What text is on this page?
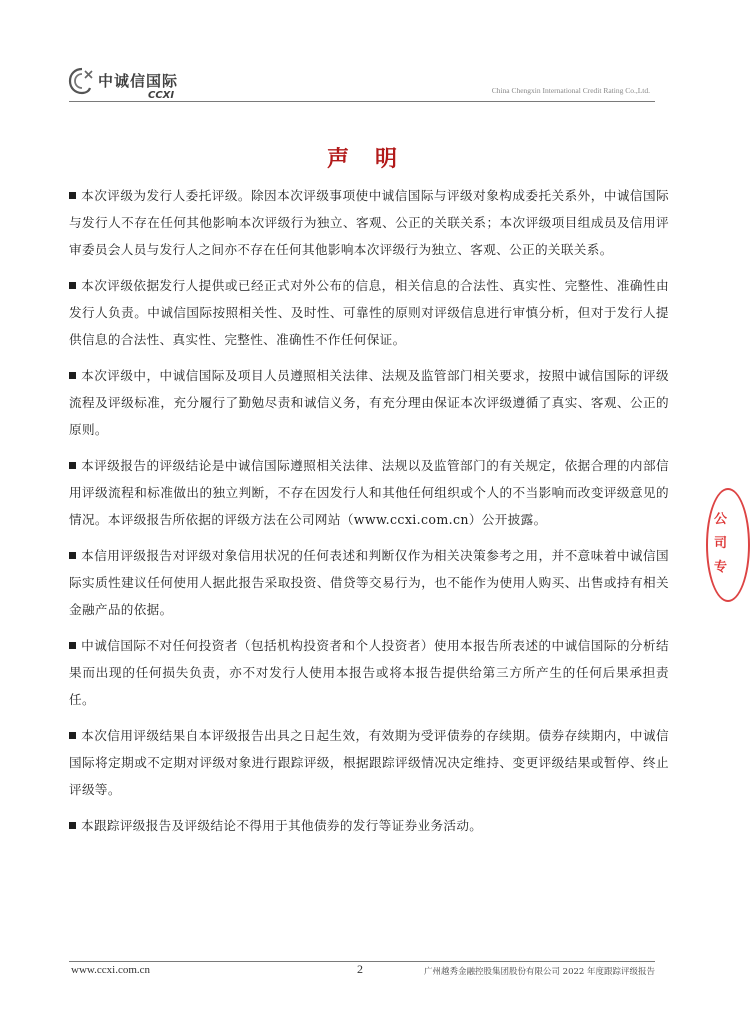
中诚信国际
CCXI	China Chengxin International Credit Rating Co.,Ltd.
声明

本次评级为发行人委托评级。除因本次评级事项使中诚信国际与评级对象构成委托关系外，中诚信国际与发行人不存在任何其他影响本次评级行为独立、客观、公正的关联关系；本次评级项目组成员及信用评审委员会人员与发行人之间亦不存在任何其他影响本次评级行为独立、客观、公正的关联关系。

本次评级依据发行人提供或已经正式对外公布的信息，相关信息的合法性、真实性、完整性、准确性由发行人负责。中诚信国际按照相关性、及时性、可靠性的原则对评级信息进行审慎分析，但对于发行人提供信息的合法性、真实性、完整性、准确性不作任何保证。

本次评级中，中诚信国际及项目人员遵照相关法律、法规及监管部门相关要求，按照中诚信国际的评级流程及评级标准，充分履行了勤勉尽责和诚信义务，有充分理由保证本次评级遵循了真实、客观、公正的原则。

本评级报告的评级结论是中诚信国际遵照相关法律、法规以及监管部门的有关规定，依据合理的内部信用评级流程和标准做出的独立判断，不存在因发行人和其他任何组织或个人的不当影响而改变评级意见的情况。本评级报告所依据的评级方法在公司网站（www.ccxi.com.cn）公开披露。

本信用评级报告对评级对象信用状况的任何表述和判断仅作为相关决策参考之用，并不意味着中诚信国际实质性建议任何使用人据此报告采取投资、借贷等交易行为，也不能作为使用人购买、出售或持有相关金融产品的依据。

中诚信国际不对任何投资者（包括机构投资者和个人投资者）使用本报告所表述的中诚信国际的分析结果而出现的任何损失负责，亦不对发行人使用本报告或将本报告提供给第三方所产生的任何后果承担责任。

本次信用评级结果自本评级报告出具之日起生效，有效期为受评债券的存续期。债券存续期内，中诚信国际将定期或不定期对评级对象进行跟踪评级，根据跟踪评级情况决定维持、变更评级结果或暂停、终止评级等。

本跟踪评级报告及评级结论不得用于其他债券的发行等证券业务活动。

公
司
专
www.ccxi.com.cn	2	广州越秀金融控股集团股份有限公司 2022 年度跟踪评级报告
